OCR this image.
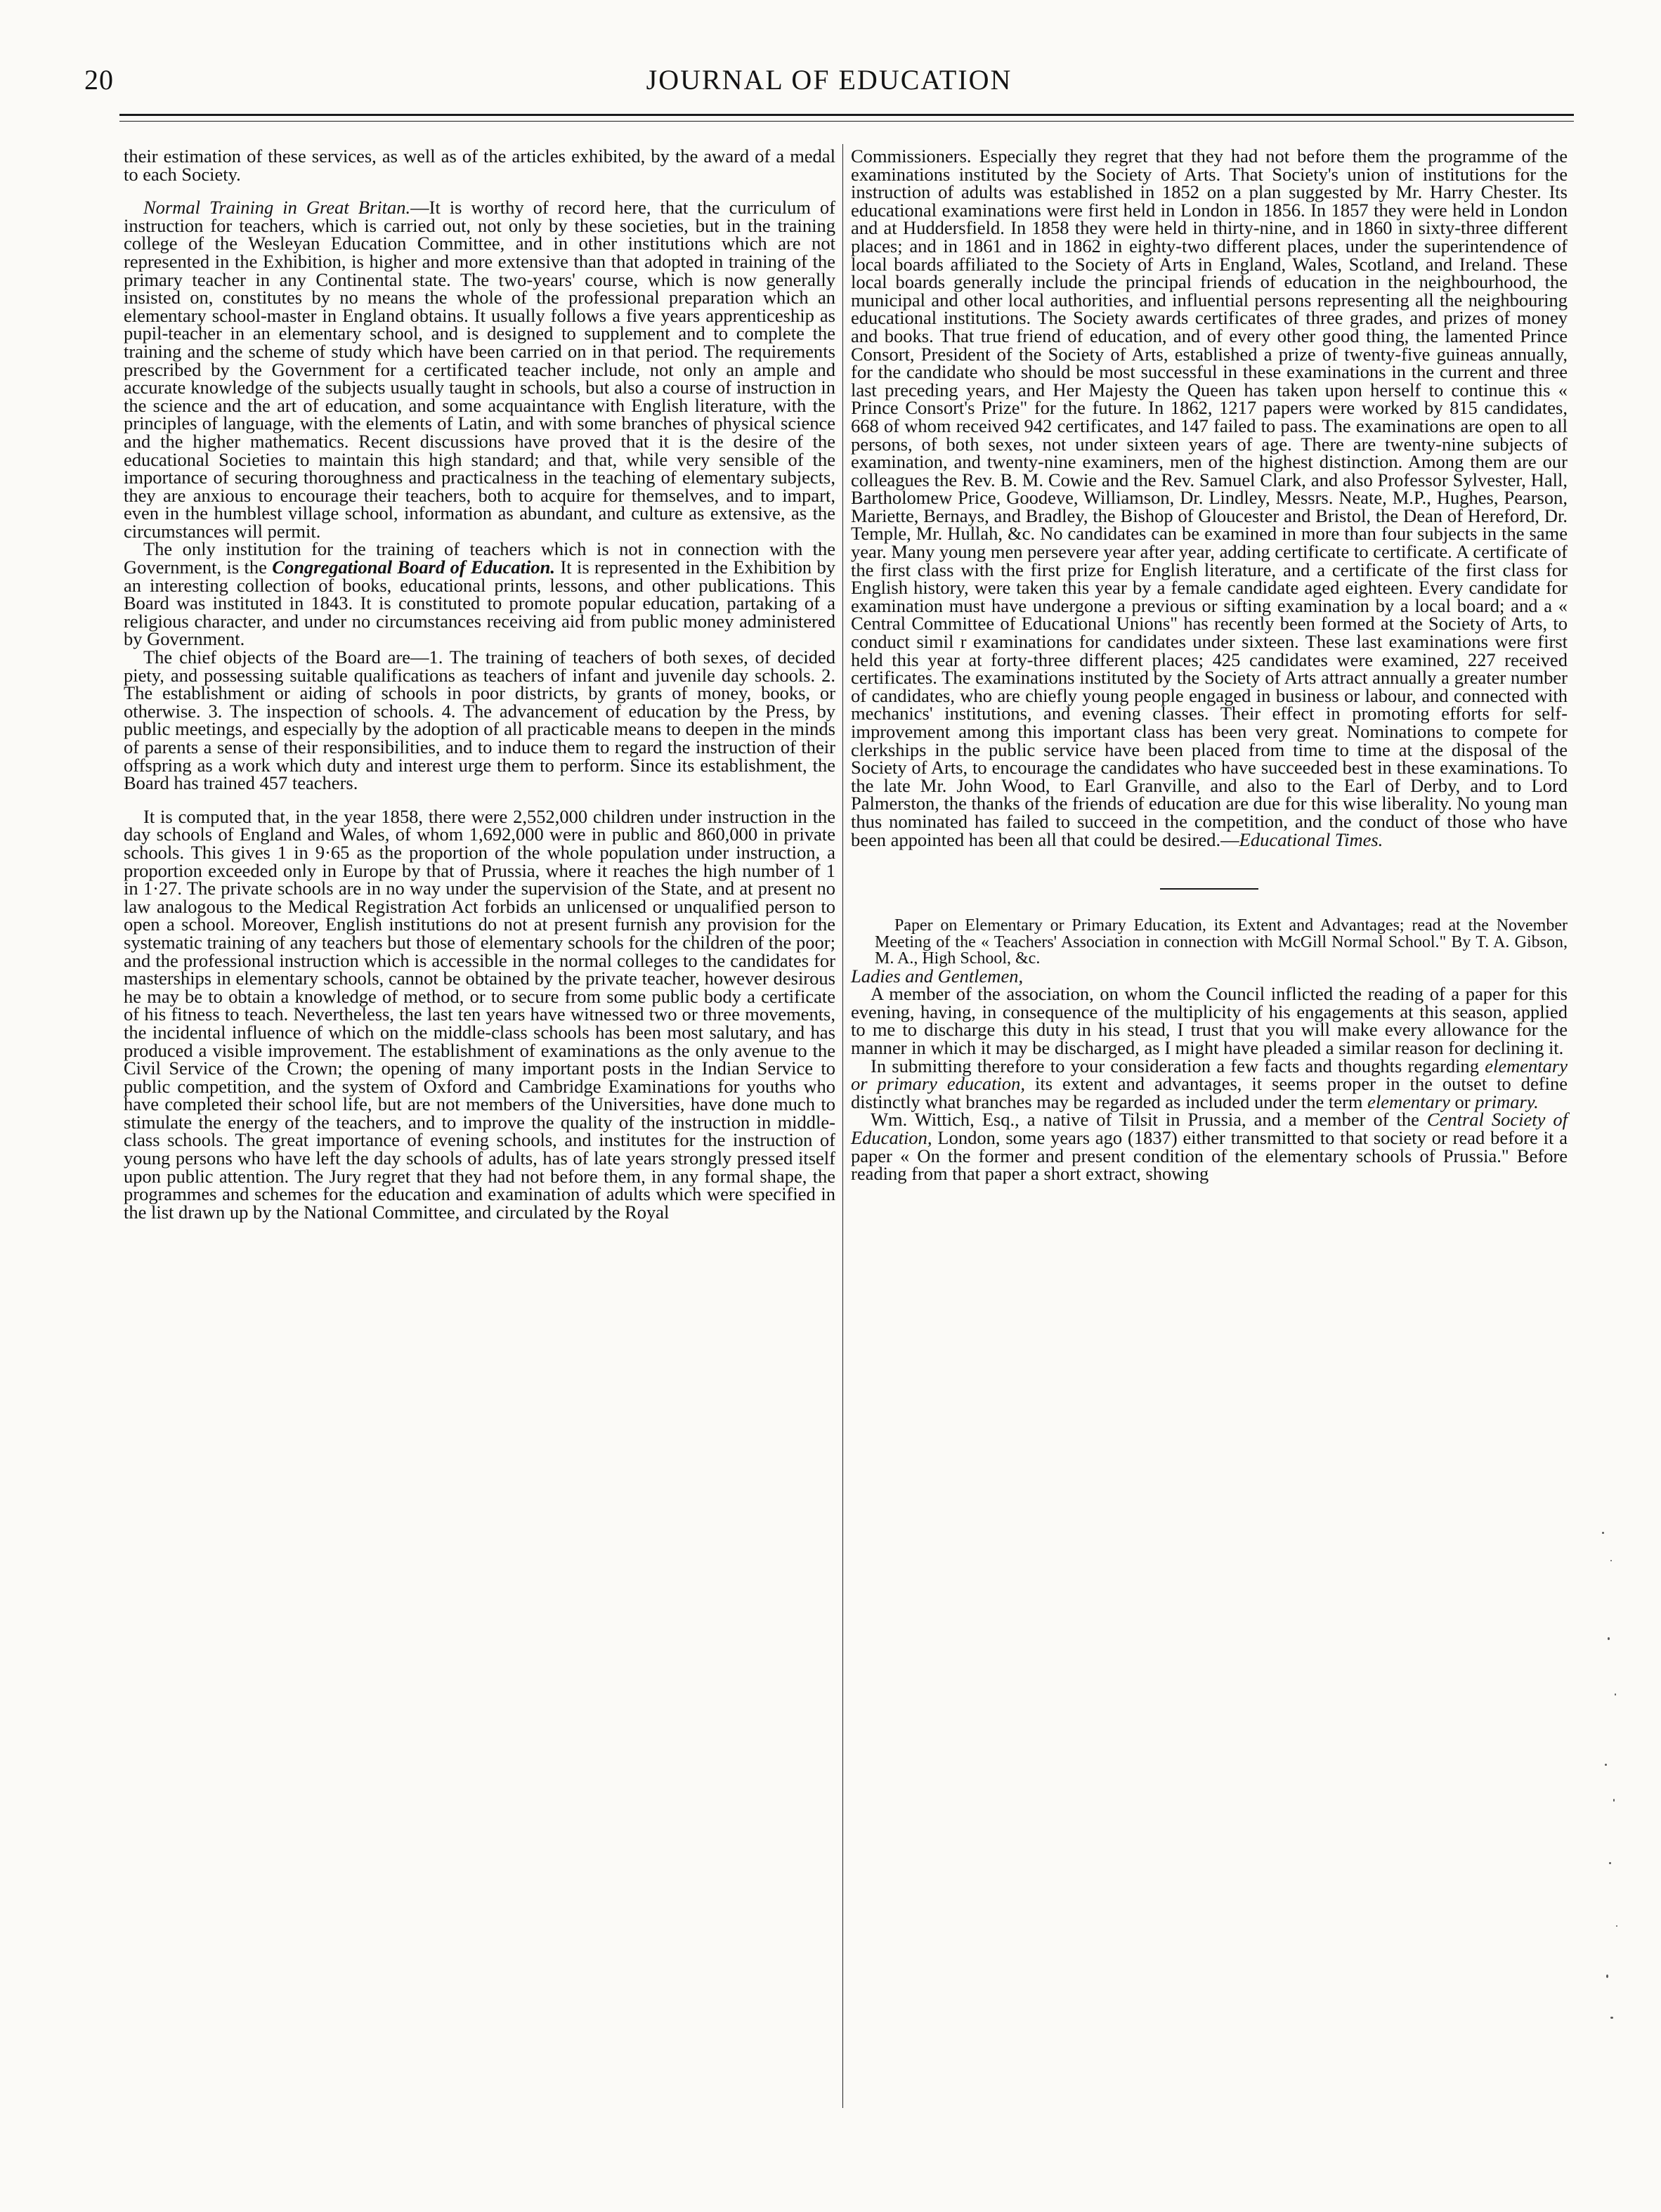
20	JOURNAL OF EDUCATION

their estimation of these services, as well as of the articles exhibited, by the award of a medal to each Society.

Normal Training in Great Britan.—It is worthy of record here, that the curriculum of instruction for teachers, which is carried out, not only by these societies, but in the training college of the Wesleyan Education Committee, and in other institutions which are not represented in the Exhibition, is higher and more extensive than that adopted in training of the primary teacher in any Continental state. The two-years' course, which is now generally insisted on, constitutes by no means the whole of the professional preparation which an elementary school-master in England obtains. It usually follows a five years apprenticeship as pupil-teacher in an elementary school, and is designed to supplement and to complete the training and the scheme of study which have been carried on in that period. The requirements prescribed by the Government for a certificated teacher include, not only an ample and accurate knowledge of the subjects usually taught in schools, but also a course of instruction in the science and the art of education, and some acquaintance with English literature, with the principles of language, with the elements of Latin, and with some branches of physical science and the higher mathematics. Recent discussions have proved that it is the desire of the educational Societies to maintain this high standard; and that, while very sensible of the importance of securing thoroughness and practicalness in the teaching of elementary subjects, they are anxious to encourage their teachers, both to acquire for themselves, and to impart, even in the humblest village school, information as abundant, and culture as extensive, as the circumstances will permit.

The only institution for the training of teachers which is not in connection with the Government, is the Congregational Board of Education. It is represented in the Exhibition by an interesting collection of books, educational prints, lessons, and other publications. This Board was instituted in 1843. It is constituted to promote popular education, partaking of a religious character, and under no circumstances receiving aid from public money administered by Government.

The chief objects of the Board are—1. The training of teachers of both sexes, of decided piety, and possessing suitable qualifications as teachers of infant and juvenile day schools. 2. The establishment or aiding of schools in poor districts, by grants of money, books, or otherwise. 3. The inspection of schools. 4. The advancement of education by the Press, by public meetings, and especially by the adoption of all practicable means to deepen in the minds of parents a sense of their responsibilities, and to induce them to regard the instruction of their offspring as a work which duty and interest urge them to perform. Since its establishment, the Board has trained 457 teachers.

It is computed that, in the year 1858, there were 2,552,000 children under instruction in the day schools of England and Wales, of whom 1,692,000 were in public and 860,000 in private schools. This gives 1 in 9·65 as the proportion of the whole population under instruction, a proportion exceeded only in Europe by that of Prussia, where it reaches the high number of 1 in 1·27. The private schools are in no way under the supervision of the State, and at present no law analogous to the Medical Registration Act forbids an unlicensed or unqualified person to open a school. Moreover, English institutions do not at present furnish any provision for the systematic training of any teachers but those of elementary schools for the children of the poor; and the professional instruction which is accessible in the normal colleges to the candidates for masterships in elementary schools, cannot be obtained by the private teacher, however desirous he may be to obtain a knowledge of method, or to secure from some public body a certificate of his fitness to teach. Nevertheless, the last ten years have witnessed two or three movements, the incidental influence of which on the middle-class schools has been most salutary, and has produced a visible improvement. The establishment of examinations as the only avenue to the Civil Service of the Crown; the opening of many important posts in the Indian Service to public competition, and the system of Oxford and Cambridge Examinations for youths who have completed their school life, but are not members of the Universities, have done much to stimulate the energy of the teachers, and to improve the quality of the instruction in middle-class schools. The great importance of evening schools, and institutes for the instruction of young persons who have left the day schools of adults, has of late years strongly pressed itself upon public attention. The Jury regret that they had not before them, in any formal shape, the programmes and schemes for the education and examination of adults which were specified in the list drawn up by the National Committee, and circulated by the Royal

Commissioners. Especially they regret that they had not before them the programme of the examinations instituted by the Society of Arts. That Society's union of institutions for the instruction of adults was established in 1852 on a plan suggested by Mr. Harry Chester. Its educational examinations were first held in London in 1856. In 1857 they were held in London and at Huddersfield. In 1858 they were held in thirty-nine, and in 1860 in sixty-three different places; and in 1861 and in 1862 in eighty-two different places, under the superintendence of local boards affiliated to the Society of Arts in England, Wales, Scotland, and Ireland. These local boards generally include the principal friends of education in the neighbourhood, the municipal and other local authorities, and influential persons representing all the neighbouring educational institutions. The Society awards certificates of three grades, and prizes of money and books. That true friend of education, and of every other good thing, the lamented Prince Consort, President of the Society of Arts, established a prize of twenty-five guineas annually, for the candidate who should be most successful in these examinations in the current and three last preceding years, and Her Majesty the Queen has taken upon herself to continue this « Prince Consort's Prize" for the future. In 1862, 1217 papers were worked by 815 candidates, 668 of whom received 942 certificates, and 147 failed to pass. The examinations are open to all persons, of both sexes, not under sixteen years of age. There are twenty-nine subjects of examination, and twenty-nine examiners, men of the highest distinction. Among them are our colleagues the Rev. B. M. Cowie and the Rev. Samuel Clark, and also Professor Sylvester, Hall, Bartholomew Price, Goodeve, Williamson, Dr. Lindley, Messrs. Neate, M.P., Hughes, Pearson, Mariette, Bernays, and Bradley, the Bishop of Gloucester and Bristol, the Dean of Hereford, Dr. Temple, Mr. Hullah, &c. No candidates can be examined in more than four subjects in the same year. Many young men persevere year after year, adding certificate to certificate. A certificate of the first class with the first prize for English literature, and a certificate of the first class for English history, were taken this year by a female candidate aged eighteen. Every candidate for examination must have undergone a previous or sifting examination by a local board; and a « Central Committee of Educational Unions" has recently been formed at the Society of Arts, to conduct simil r examinations for candidates under sixteen. These last examinations were first held this year at forty-three different places; 425 candidates were examined, 227 received certificates. The examinations instituted by the Society of Arts attract annually a greater number of candidates, who are chiefly young people engaged in business or labour, and connected with mechanics' institutions, and evening classes. Their effect in promoting efforts for self-improvement among this important class has been very great. Nominations to compete for clerkships in the public service have been placed from time to time at the disposal of the Society of Arts, to encourage the candidates who have succeeded best in these examinations. To the late Mr. John Wood, to Earl Granville, and also to the Earl of Derby, and to Lord Palmerston, the thanks of the friends of education are due for this wise liberality. No young man thus nominated has failed to succeed in the competition, and the conduct of those who have been appointed has been all that could be desired.—Educational Times.

Paper on Elementary or Primary Education, its Extent and Advantages; read at the November Meeting of the « Teachers' Association in connection with McGill Normal School." By T. A. Gibson, M. A., High School, &c.

Ladies and Gentlemen,

A member of the association, on whom the Council inflicted the reading of a paper for this evening, having, in consequence of the multiplicity of his engagements at this season, applied to me to discharge this duty in his stead, I trust that you will make every allowance for the manner in which it may be discharged, as I might have pleaded a similar reason for declining it.

In submitting therefore to your consideration a few facts and thoughts regarding elementary or primary education, its extent and advantages, it seems proper in the outset to define distinctly what branches may be regarded as included under the term elementary or primary.

Wm. Wittich, Esq., a native of Tilsit in Prussia, and a member of the Central Society of Education, London, some years ago (1837) either transmitted to that society or read before it a paper « On the former and present condition of the elementary schools of Prussia." Before reading from that paper a short extract, showing
